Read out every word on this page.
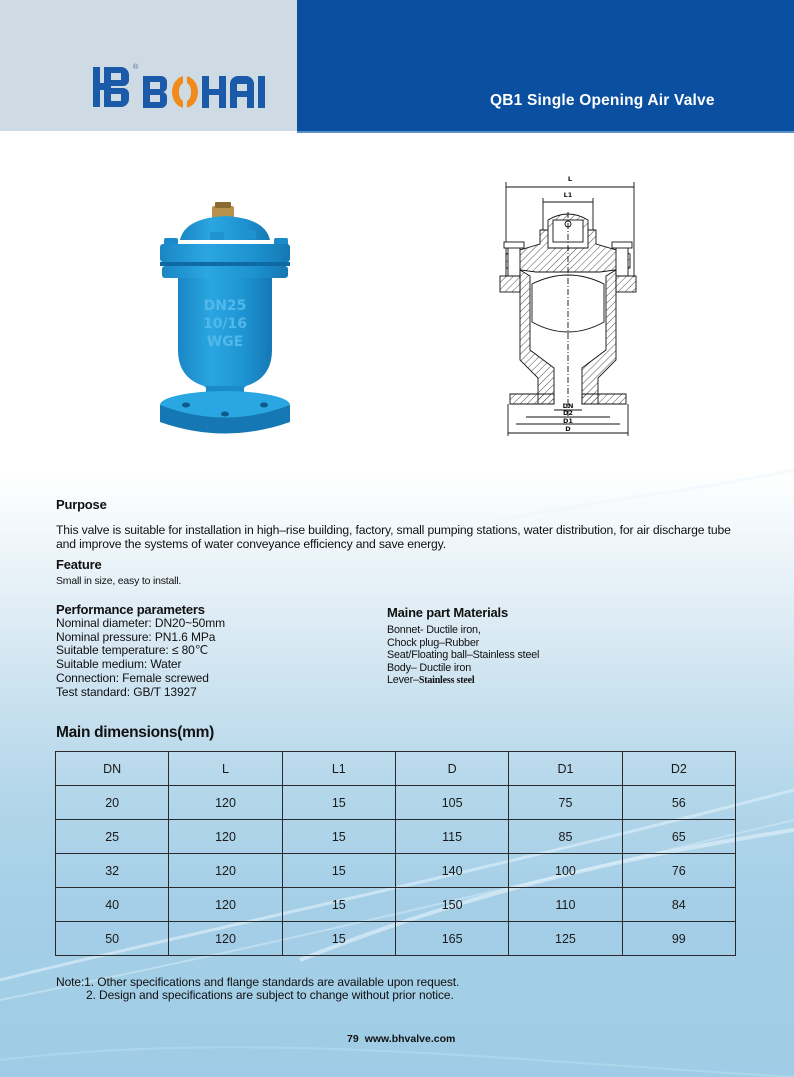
®
QB1 Single Opening Air Valve
DN25
10/16
WGE
L
L1
DN
D2
D1
D
Purpose
This valve is suitable for installation in high–rise building, factory, small pumping stations, water distribution, for air discharge tube
and improve the systems of water conveyance efficiency and save energy.
Feature
Small in size, easy to install.
Performance parameters
Nominal diameter: DN20~50mm
Nominal pressure: PN1.6 MPa
Suitable temperature: ≤ 80℃
Suitable medium: Water
Connection: Female screwed
Test standard: GB/T 13927
Maine part Materials
Bonnet- Ductile iron,
Chock plug–Rubber
Seat/Floating ball–Stainless steel
Body– Ductile iron
Lever–Stainless steel
Main dimensions(mm)
DN	L	L1	D	D1	D2
20	120	15	105	75	56
25	120	15	115	85	65
32	120	15	140	100	76
40	120	15	150	110	84
50	120	15	165	125	99
Note:1. Other specifications and flange standards are available upon request.
2. Design and specifications are subject to change without prior notice.
79 www.bhvalve.com
